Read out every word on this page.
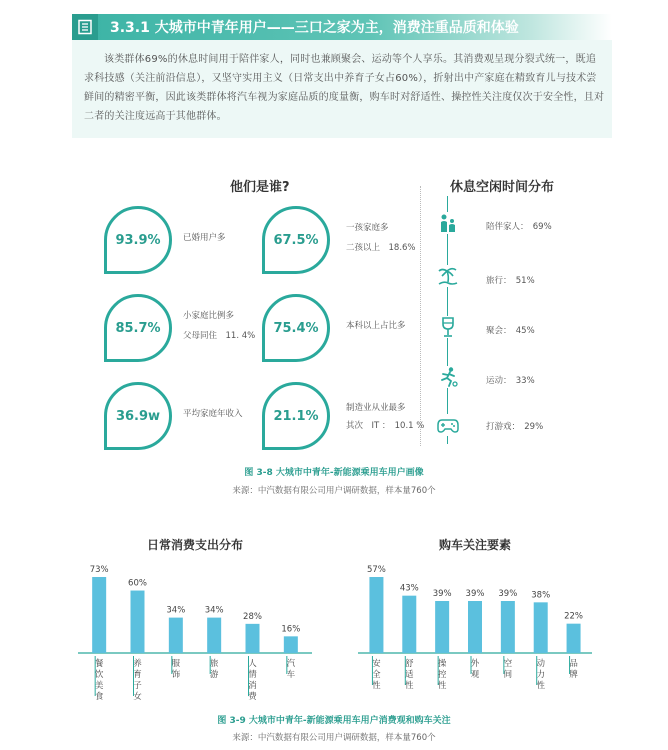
3.3.1 大城市中青年用户——三口之家为主，消费注重品质和体验
该类群体69%的休息时间用于陪伴家人，同时也兼顾聚会、运动等个人享乐。其消费观呈现分裂式统一，既追求科技感（关注前沿信息），又坚守实用主义（日常支出中养育子女占60%），折射出中产家庭在精致育儿与技术尝鲜间的精密平衡，因此该类群体将汽车视为家庭品质的度量衡，购车时对舒适性、操控性关注度仅次于安全性，且对二者的关注度远高于其他群体。
他们是谁?
93.9%	已婚用户多	67.5%
一孩家庭多
二孩以上　18.6%
85.7%
小家庭比例多
父母同住　11. 4%
75.4%	本科以上占比多
36.9w	平均家庭年收入 21.1%
制造业从业最多
其次　IT ：　10.1 %
休息空闲时间分布
陪伴家人：　69%
旅行：　51%
聚会：　45%
运动：　33%
打游戏：　29%
图 3-8 大城市中青年-新能源乘用车用户画像
来源：中汽数据有限公司用户调研数据，样本量760个
日常消费支出分布
73%
餐饮美食
60%
养育子女
34%
服饰
34%
旅游
28%
人情消费
16%
汽车
购车关注要素
57%
安全性
43%
舒适性
39%
操控性
39%
外观
39%
空间
38%
动力性
22%
品牌
图 3-9 大城市中青年-新能源乘用车用户消费观和购车关注
来源：中汽数据有限公司用户调研数据，样本量760个
